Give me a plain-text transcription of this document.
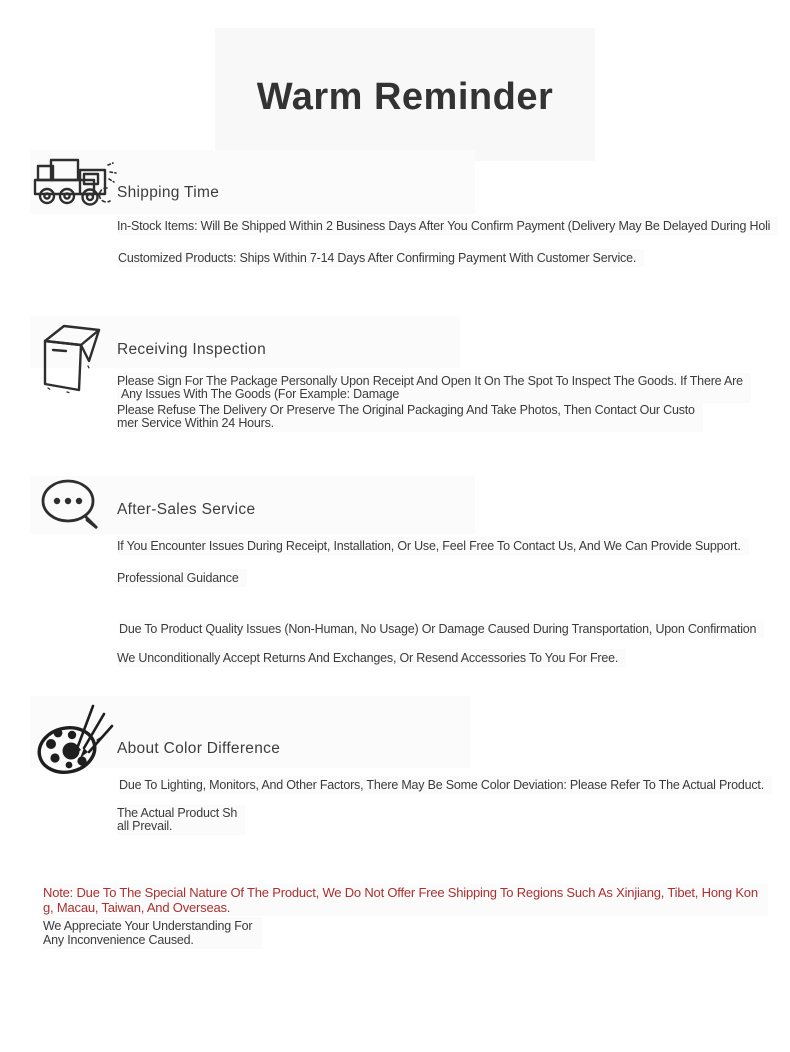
Warm Reminder
Shipping Time
In-Stock Items: Will Be Shipped Within 2 Business Days After You Confirm Payment (Delivery May Be Delayed During Holi
Customized Products: Ships Within 7-14 Days After Confirming Payment With Customer Service.
Receiving Inspection
Please Sign For The Package Personally Upon Receipt And Open It On The Spot To Inspect The Goods. If There Are
Any Issues With The Goods (For Example: Damage
Please Refuse The Delivery Or Preserve The Original Packaging And Take Photos, Then Contact Our Custo
mer Service Within 24 Hours.
After-Sales Service
If You Encounter Issues During Receipt, Installation, Or Use, Feel Free To Contact Us, And We Can Provide Support.
Professional Guidance
Due To Product Quality Issues (Non-Human, No Usage) Or Damage Caused During Transportation, Upon Confirmation
We Unconditionally Accept Returns And Exchanges, Or Resend Accessories To You For Free.
About Color Difference
Due To Lighting, Monitors, And Other Factors, There May Be Some Color Deviation: Please Refer To The Actual Product.
The Actual Product Sh
all Prevail.
Note: Due To The Special Nature Of The Product, We Do Not Offer Free Shipping To Regions Such As Xinjiang, Tibet, Hong Kon
g, Macau, Taiwan, And Overseas.
We Appreciate Your Understanding For
Any Inconvenience Caused.
